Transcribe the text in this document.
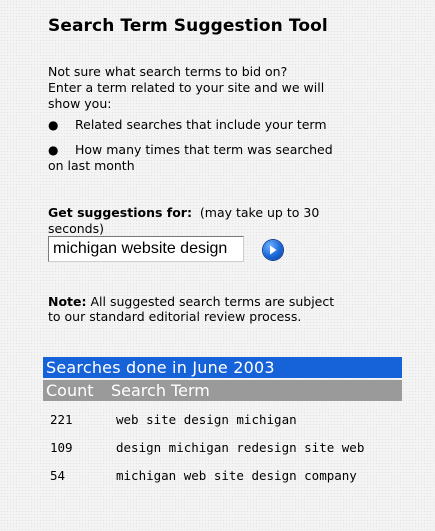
Search Term Suggestion Tool
Not sure what search terms to bid on?
Enter a term related to your site and we will
show you:
●	Related searches that include your term
●	How many times that term was searched
on last month
Get suggestions for: (may take up to 30
seconds)
michigan website design
Note: All suggested search terms are subject
to our standard editorial review process.
Searches done in June 2003
Count	Search Term
221	web site design michigan
109	design michigan redesign site web
54	michigan web site design company
